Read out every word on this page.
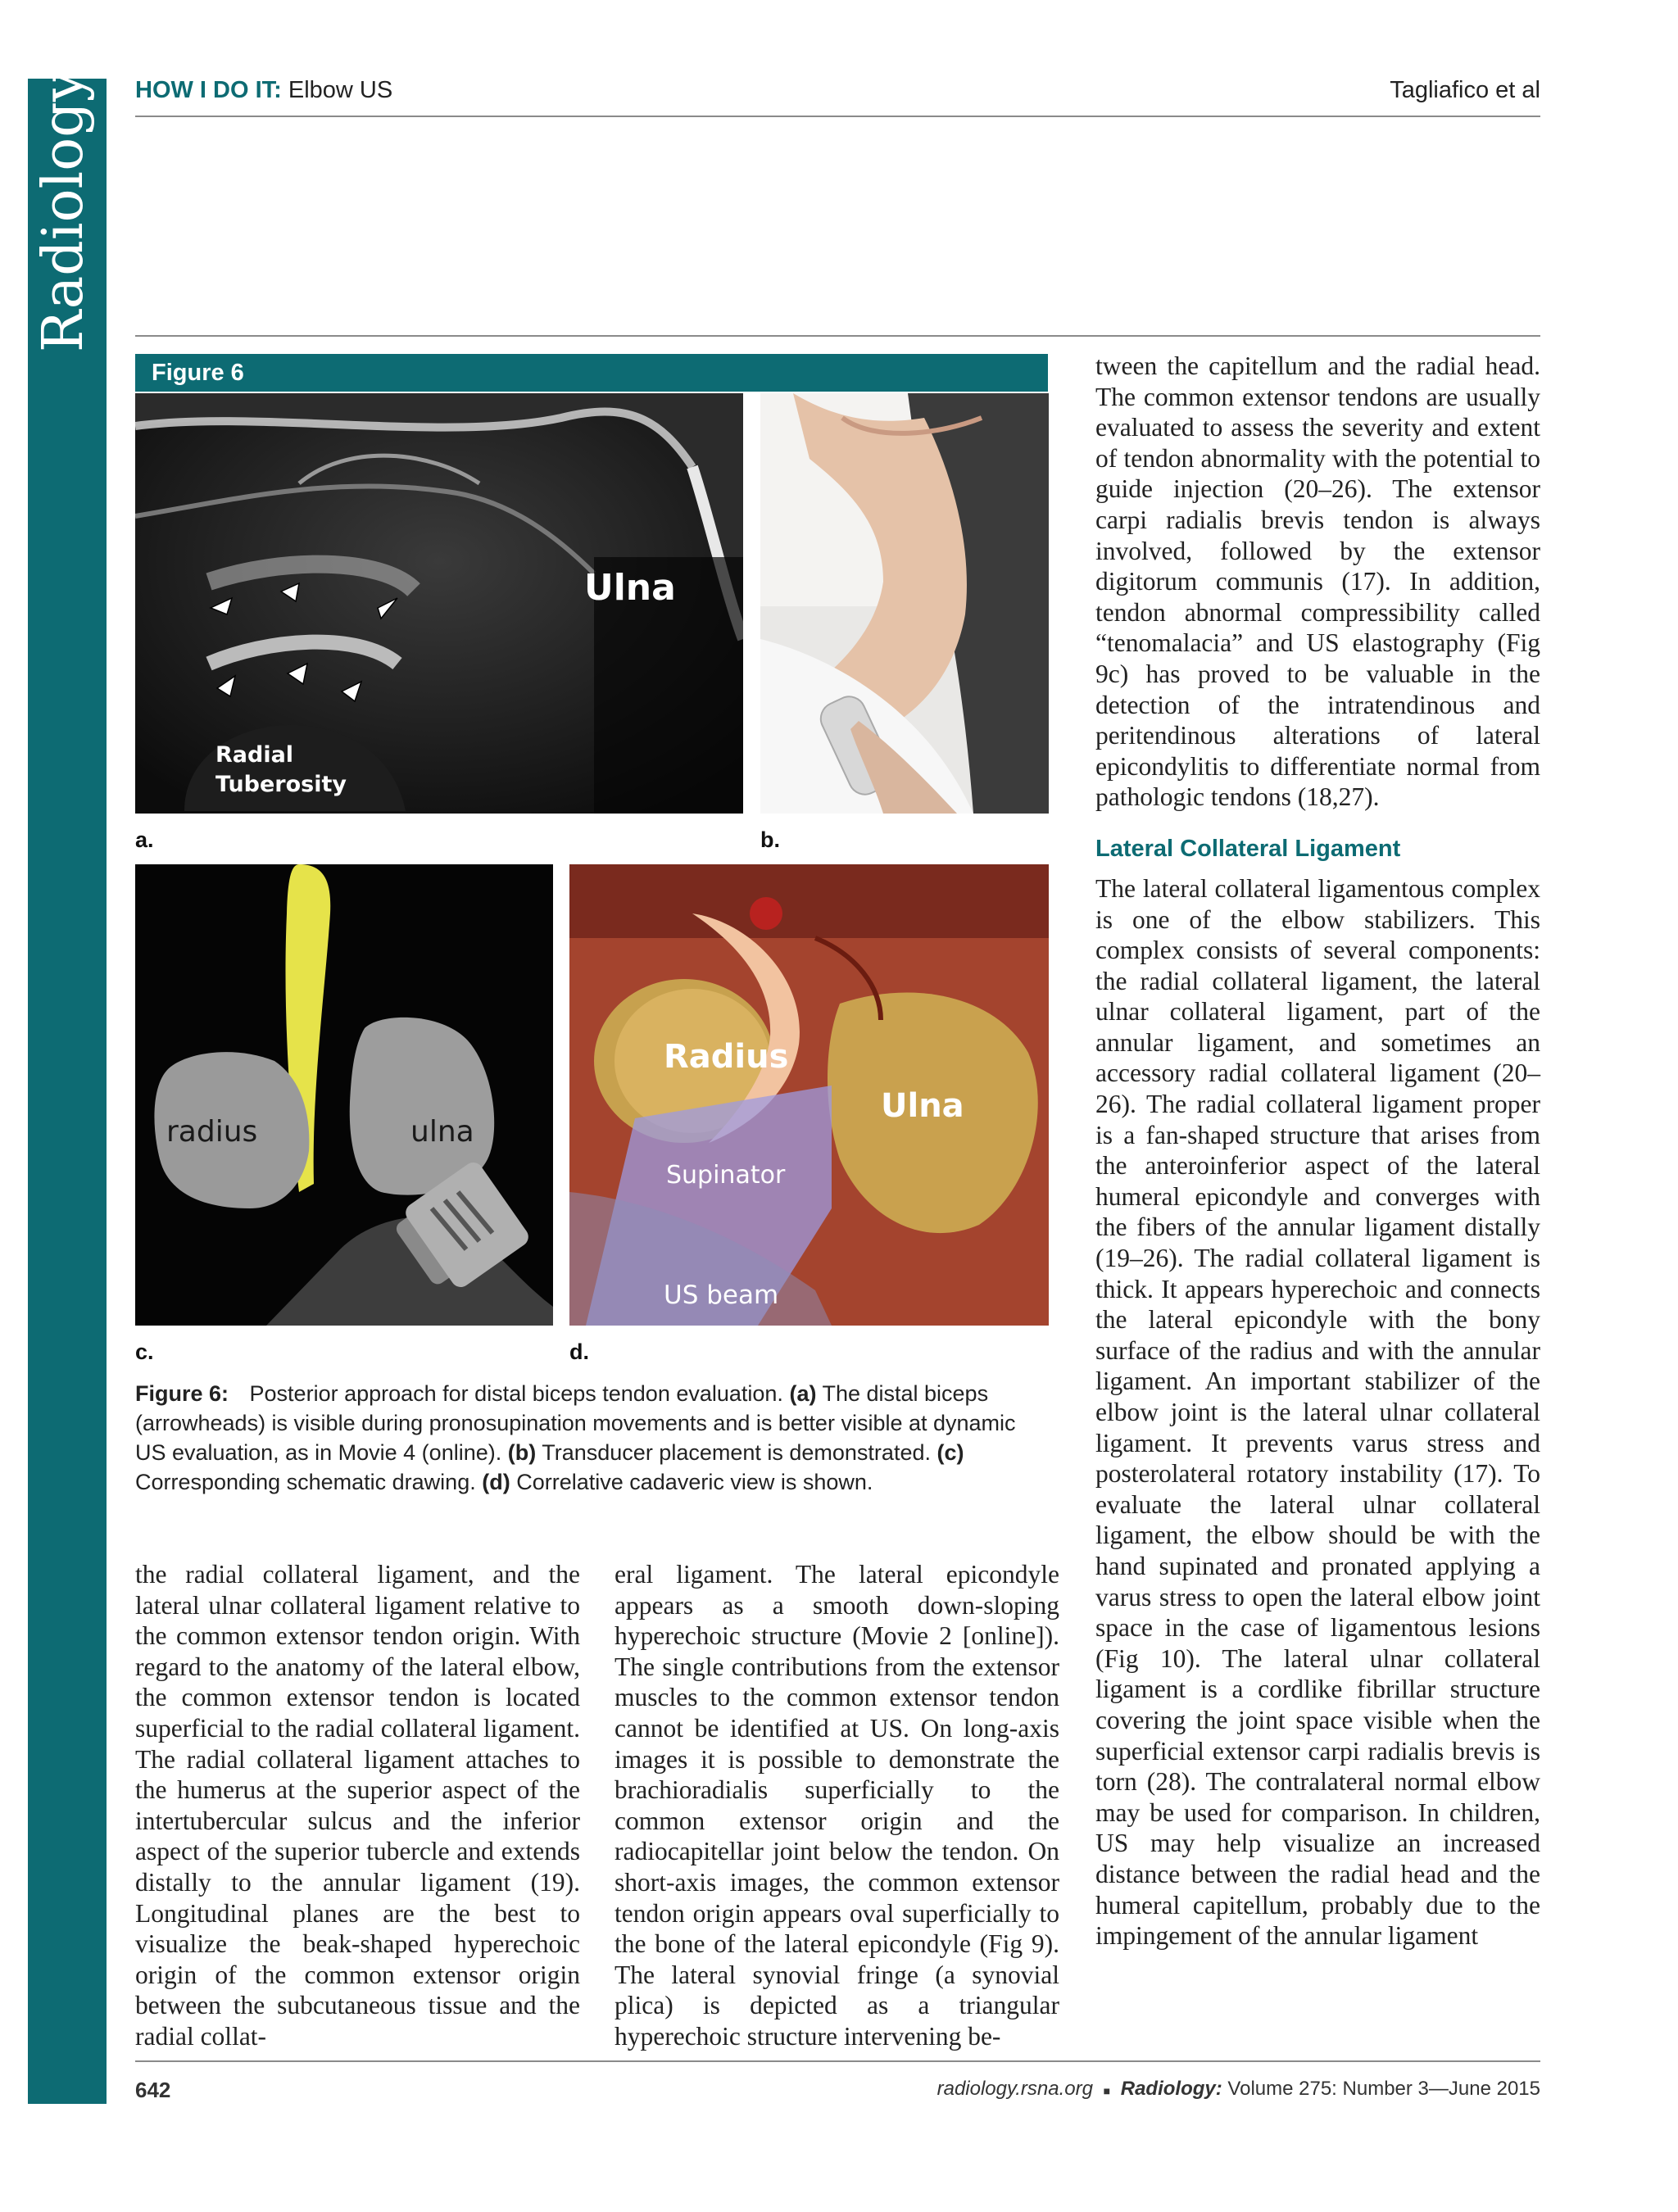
Radiology HOW I DO IT: Elbow US	Tagliafico et al
Figure 6
Ulna
Radial
Tuberosity
a.	b.
radius	ulna
c.
Radius
Ulna
Supinator
US beam
d.
Figure 6: Posterior approach for distal biceps tendon evaluation. (a) The distal biceps (arrowheads) is visible during pronosupination movements and is better visible at dynamic US evaluation, as in Movie 4 (online). (b) Transducer placement is demonstrated. (c) Corresponding schematic drawing. (d) Correlative cadaveric view is shown.

the radial collateral ligament, and the lateral ulnar collateral ligament relative to the common extensor tendon origin. With regard to the anatomy of the lateral elbow, the common extensor tendon is located superficial to the radial collateral ligament. The radial collateral ligament attaches to the humerus at the superior aspect of the intertubercular sulcus and the inferior aspect of the superior tubercle and extends distally to the annular ligament (19). Longitudinal planes are the best to visualize the beak-shaped hyperechoic origin of the common extensor origin between the subcutaneous tissue and the radial collat-

eral ligament. The lateral epicondyle appears as a smooth down-sloping hyperechoic structure (Movie 2 [online]). The single contributions from the extensor muscles to the common extensor tendon cannot be identified at US. On long-axis images it is possible to demonstrate the brachioradialis superficially to the common extensor origin and the radiocapitellar joint below the tendon. On short-axis images, the common extensor tendon origin appears oval superficially to the bone of the lateral epicondyle (Fig 9). The lateral synovial fringe (a synovial plica) is depicted as a triangular hyperechoic structure intervening be-

tween the capitellum and the radial head. The common extensor tendons are usually evaluated to assess the severity and extent of tendon abnormality with the potential to guide injection (20–26). The extensor carpi radialis brevis tendon is always involved, followed by the extensor digitorum communis (17). In addition, tendon abnormal compressibility called “tenomalacia” and US elastography (Fig 9c) has proved to be valuable in the detection of the intratendinous and peritendinous alterations of lateral epicondylitis to differentiate normal from pathologic tendons (18,27).

Lateral Collateral Ligament

The lateral collateral ligamentous complex is one of the elbow stabilizers. This complex consists of several components: the radial collateral ligament, the lateral ulnar collateral ligament, part of the annular ligament, and sometimes an accessory radial collateral ligament (20–26). The radial collateral ligament proper is a fan-shaped structure that arises from the anteroinferior aspect of the lateral humeral epicondyle and converges with the fibers of the annular ligament distally (19–26). The radial collateral ligament is thick. It appears hyperechoic and connects the lateral epicondyle with the bony surface of the radius and with the annular ligament. An important stabilizer of the elbow joint is the lateral ulnar collateral ligament. It prevents varus stress and posterolateral rotatory instability (17). To evaluate the lateral ulnar collateral ligament, the elbow should be with the hand supinated and pronated applying a varus stress to open the lateral elbow joint space in the case of ligamentous lesions (Fig 10). The lateral ulnar collateral ligament is a cordlike fibrillar structure covering the joint space visible when the superficial extensor carpi radialis brevis is torn (28). The contralateral normal elbow may be used for comparison. In children, US may help visualize an increased distance between the radial head and the humeral capitellum, probably due to the impingement of the annular ligament

642	radiology.rsna.org ■ Radiology: Volume 275: Number 3—June 2015
